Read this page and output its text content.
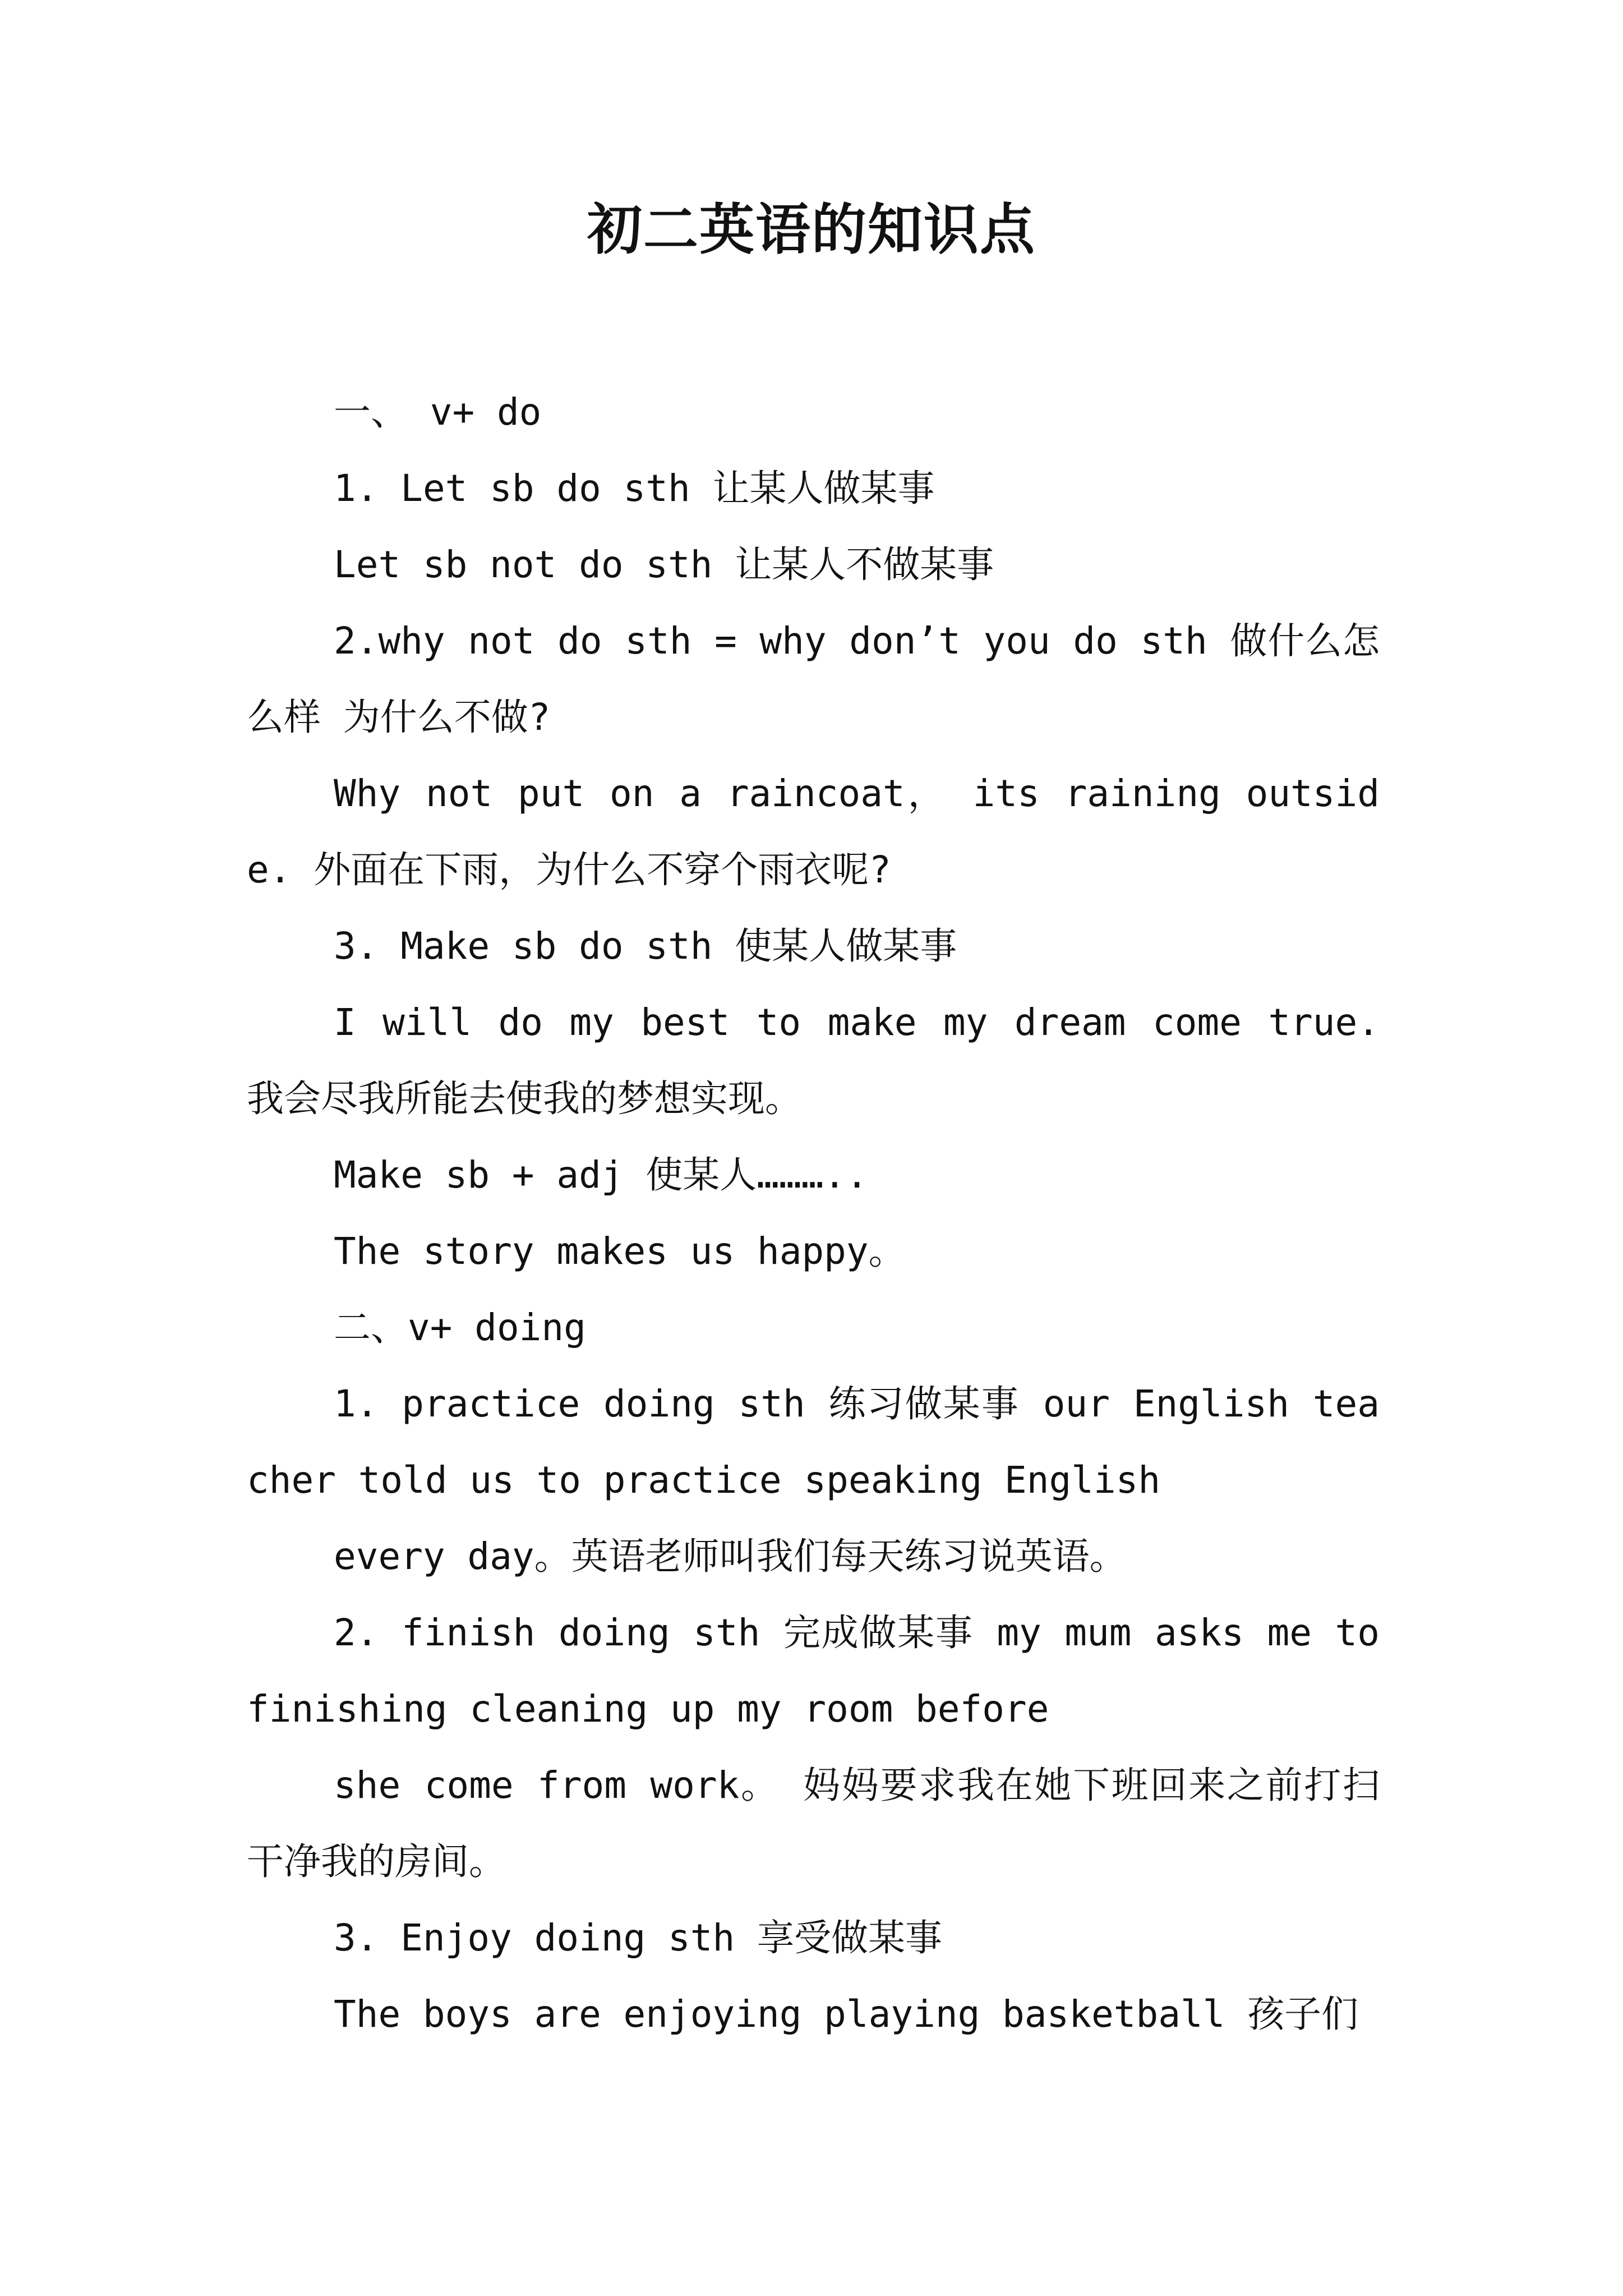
初二英语的知识点

一、 v+ do

1. Let sb do sth 让某人做某事

Let sb not do sth 让某人不做某事

2.why not do sth = why don’t you do sth 做什么怎么样 为什么不做?

Why not put on a raincoat， its raining outside. 外面在下雨，为什么不穿个雨衣呢?

3. Make sb do sth 使某人做某事

I will do my best to make my dream come true. 我会尽我所能去使我的梦想实现。

Make sb + adj 使某人………..

The story makes us happy。

二、v+ doing

1. practice doing sth 练习做某事 our English teacher told us to practice speaking English

every day。英语老师叫我们每天练习说英语。

2. finish doing sth 完成做某事 my mum asks me to finishing cleaning up my room before

she come from work。 妈妈要求我在她下班回来之前打扫干净我的房间。

3. Enjoy doing sth 享受做某事

The boys are enjoying playing basketball 孩子们
